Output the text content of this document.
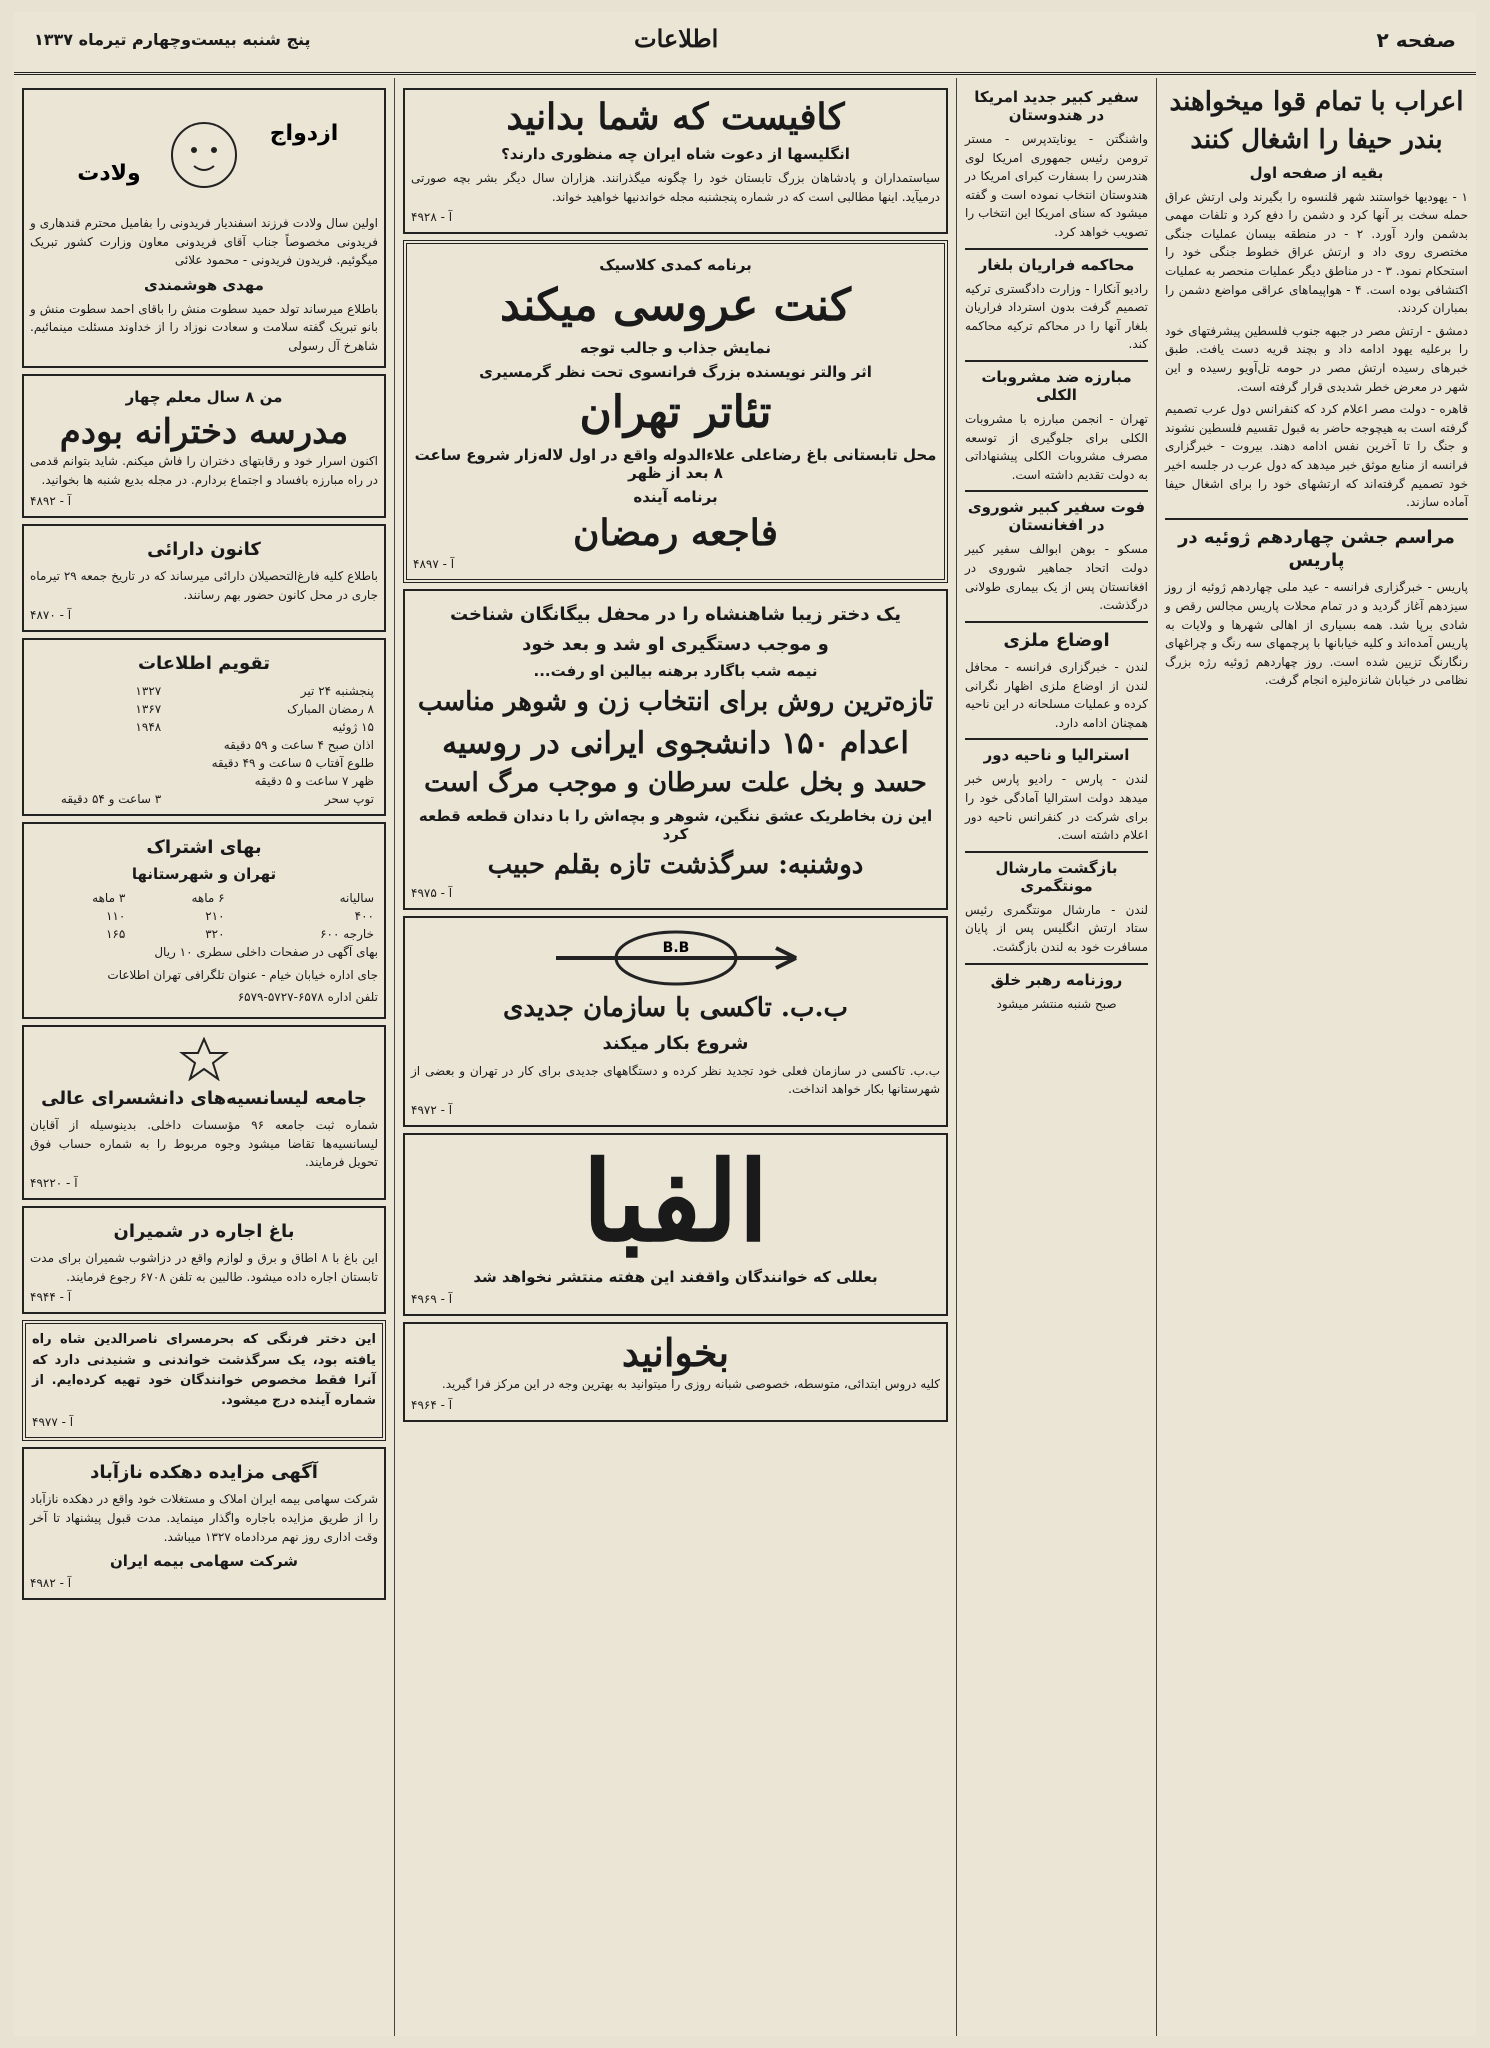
صفحه ۲
اطلاعات
پنج شنبه بیست‌وچهارم تیرماه ۱۳۳۷
اعراب با تمام قوا میخواهند
بندر حیفا را اشغال کنند
بقیه از صفحه اول

۱ - یهودیها خواستند شهر قلنسوه را بگیرند ولی ارتش عراق حمله سخت بر آنها کرد و دشمن را دفع کرد و تلفات مهمی بدشمن وارد آورد. ۲ - در منطقه بیسان عملیات جنگی مختصری روی داد و ارتش عراق خطوط جنگی خود را استحکام نمود. ۳ - در مناطق دیگر عملیات منحصر به عملیات اکتشافی بوده است. ۴ - هواپیماهای عراقی مواضع دشمن را بمباران کردند.

دمشق - ارتش مصر در جبهه جنوب فلسطین پیشرفتهای خود را برعلیه یهود ادامه داد و بچند قریه دست یافت. طبق خبرهای رسیده ارتش مصر در حومه تل‌آویو رسیده و این شهر در معرض خطر شدیدی قرار گرفته است.

قاهره - دولت مصر اعلام کرد که کنفرانس دول عرب تصمیم گرفته است به هیچوجه حاضر به قبول تقسیم فلسطین نشوند و جنگ را تا آخرین نفس ادامه دهند. بیروت - خبرگزاری فرانسه از منابع موثق خبر میدهد که دول عرب در جلسه اخیر خود تصمیم گرفته‌اند که ارتشهای خود را برای اشغال حیفا آماده سازند.

مراسم جشن چهاردهم ژوئیه در پاریس

پاریس - خبرگزاری فرانسه - عید ملی چهاردهم ژوئیه از روز سیزدهم آغاز گردید و در تمام محلات پاریس مجالس رقص و شادی برپا شد. همه بسیاری از اهالی شهرها و ولایات به پاریس آمده‌اند و کلیه خیابانها با پرچمهای سه رنگ و چراغهای رنگارنگ تزیین شده است. روز چهاردهم ژوئیه رژه بزرگ نظامی در خیابان شانزه‌لیزه انجام گرفت.

سفیر کبیر جدید امریکا در هندوستان

واشنگتن - یونایتدپرس - مستر ترومن رئیس جمهوری امریکا لوی هندرسن را بسفارت کبرای امریکا در هندوستان انتخاب نموده است و گفته میشود که سنای امریکا این انتخاب را تصویب خواهد کرد.

محاکمه فراریان بلغار

رادیو آنکارا - وزارت دادگستری ترکیه تصمیم گرفت بدون استرداد فراریان بلغار آنها را در محاکم ترکیه محاکمه کند.

مبارزه ضد مشروبات الکلی

تهران - انجمن مبارزه با مشروبات الکلی برای جلوگیری از توسعه مصرف مشروبات الکلی پیشنهاداتی به دولت تقدیم داشته است.

فوت سفیر کبیر شوروی در افغانستان

مسکو - بوهن ابوالف سفیر کبیر دولت اتحاد جماهیر شوروی در افغانستان پس از یک بیماری طولانی درگذشت.

اوضاع ملزی

لندن - خبرگزاری فرانسه - محافل لندن از اوضاع ملزی اظهار نگرانی کرده و عملیات مسلحانه در این ناحیه همچنان ادامه دارد.

استرالیا و ناحیه دور

لندن - پارس - رادیو پارس خبر میدهد دولت استرالیا آمادگی خود را برای شرکت در کنفرانس ناحیه دور اعلام داشته است.

بازگشت مارشال مونتگمری

لندن - مارشال مونتگمری رئیس ستاد ارتش انگلیس پس از پایان مسافرت خود به لندن بازگشت.

روزنامه رهبر خلق

صبح شنبه منتشر میشود

کافیست که شما بدانید
انگلیسها از دعوت شاه ایران چه منظوری دارند؟

سیاستمداران و پادشاهان بزرگ تابستان خود را چگونه میگذرانند. هزاران سال دیگر بشر بچه صورتی درمیآید. اینها مطالبی است که در شماره پنجشنبه مجله خواندنیها خواهید خواند.

آ - ۴۹۲۸
برنامه کمدی کلاسیک
کنت عروسی میکند
نمایش جذاب و جالب توجه
اثر والتر نویسنده بزرگ فرانسوی تحت نظر گرمسیری
تئاتر تهران
محل تابستانی باغ رضاعلی علاء‌الدوله واقع در اول لاله‌زار شروع ساعت ۸ بعد از ظهر
برنامه آینده
فاجعه رمضان
آ - ۴۸۹۷
یک دختر زیبا شاهنشاه را در محفل بیگانگان شناخت
و موجب دستگیری او شد و بعد خود
نیمه شب باگارد برهنه بیالین او رفت...
تازه‌ترین روش برای انتخاب زن و شوهر مناسب
اعدام ۱۵۰ دانشجوی ایرانی در روسیه
حسد و بخل علت سرطان و موجب مرگ است
این زن بخاطریک عشق ننگین، شوهر و بچه‌اش را با دندان قطعه قطعه کرد
دوشنبه: سرگذشت تازه بقلم حبیب
آ - ۴۹۷۵
B.B
ب.ب. تاکسی با سازمان جدیدی
شروع بکار میکند

ب.ب. تاکسی در سازمان فعلی خود تجدید نظر کرده و دستگاههای جدیدی برای کار در تهران و بعضی از شهرستانها بکار خواهد انداخت.

آ - ۴۹۷۲
الفبا
بعللی که خوانندگان واقفند این هفته منتشر نخواهد شد
آ - ۴۹۶۹
بخوانید

کلیه دروس ابتدائی، متوسطه، خصوصی شبانه روزی را میتوانید به بهترین وجه در این مرکز فرا گیرید.

آ - ۴۹۶۴
ازدواج
ولادت

اولین سال ولادت فرزند اسفندیار فریدونی را بفامیل محترم قندهاری و فریدونی مخصوصاً جناب آقای فریدونی معاون وزارت کشور تبریک میگوئیم. فریدون فریدونی - محمود علائی

مهدی هوشمندی

باطلاع میرساند تولد حمید سطوت منش را باقای احمد سطوت منش و بانو تبریک گفته سلامت و سعادت نوزاد را از خداوند مسئلت مینمائیم. شاهرخ آل رسولی

من ۸ سال معلم چهار
مدرسه دخترانه بودم

اکنون اسرار خود و رقابتهای دختران را فاش میکنم. شاید بتوانم قدمی در راه مبارزه بافساد و اجتماع بردارم. در مجله بدیع شنبه ها بخوانید.

آ - ۴۸۹۲
کانون دارائی

باطلاع کلیه فارغ‌التحصیلان دارائی میرساند که در تاریخ جمعه ۲۹ تیرماه جاری در محل کانون حضور بهم رسانند.

آ - ۴۸۷۰
تقویم اطلاعات
پنجشنبه ۲۴ تیر	۱۳۲۷
۸ رمضان المبارک	۱۳۶۷
۱۵ ژوئیه	۱۹۴۸
اذان صبح ۴ ساعت و ۵۹ دقیقه	
طلوع آفتاب ۵ ساعت و ۴۹ دقیقه	
ظهر ۷ ساعت و ۵ دقیقه	
توپ سحر	۳ ساعت و ۵۴ دقیقه
بهای اشتراک
تهران و شهرستانها
سالیانه	۶ ماهه	۳ ماهه
۴۰۰	۲۱۰	۱۱۰
خارجه ۶۰۰	۳۲۰	۱۶۵

بهای آگهی در صفحات داخلی سطری ۱۰ ریال

جای اداره خیابان خیام - عنوان تلگرافی تهران اطلاعات

تلفن اداره ۶۵۷۸-۵۷۲۷-۶۵۷۹

جامعه لیسانسیه‌های دانشسرای عالی

شماره ثبت جامعه ۹۶ مؤسسات داخلی. بدینوسیله از آقایان لیسانسیه‌ها تقاضا میشود وجوه مربوط را به شماره حساب فوق تحویل فرمایند.

آ - ۴۹۲۲۰
باغ اجاره در شمیران

این باغ با ۸ اطاق و برق و لوازم واقع در دزاشوب شمیران برای مدت تابستان اجاره داده میشود. طالبین به تلفن ۶۷۰۸ رجوع فرمایند.

آ - ۴۹۴۴

این دختر فرنگی که بحرمسرای ناصرالدین شاه راه یافته بود، یک سرگذشت خواندنی و شنیدنی دارد که آنرا فقط مخصوص خوانندگان خود تهیه کرده‌ایم. از شماره آینده درج میشود.

آ - ۴۹۷۷
آگهی مزایده دهکده نازآباد

شرکت سهامی بیمه ایران املاک و مستغلات خود واقع در دهکده نازآباد را از طریق مزایده باجاره واگذار مینماید. مدت قبول پیشنهاد تا آخر وقت اداری روز نهم مردادماه ۱۳۲۷ میباشد.

شرکت سهامی بیمه ایران
آ - ۴۹۸۲
